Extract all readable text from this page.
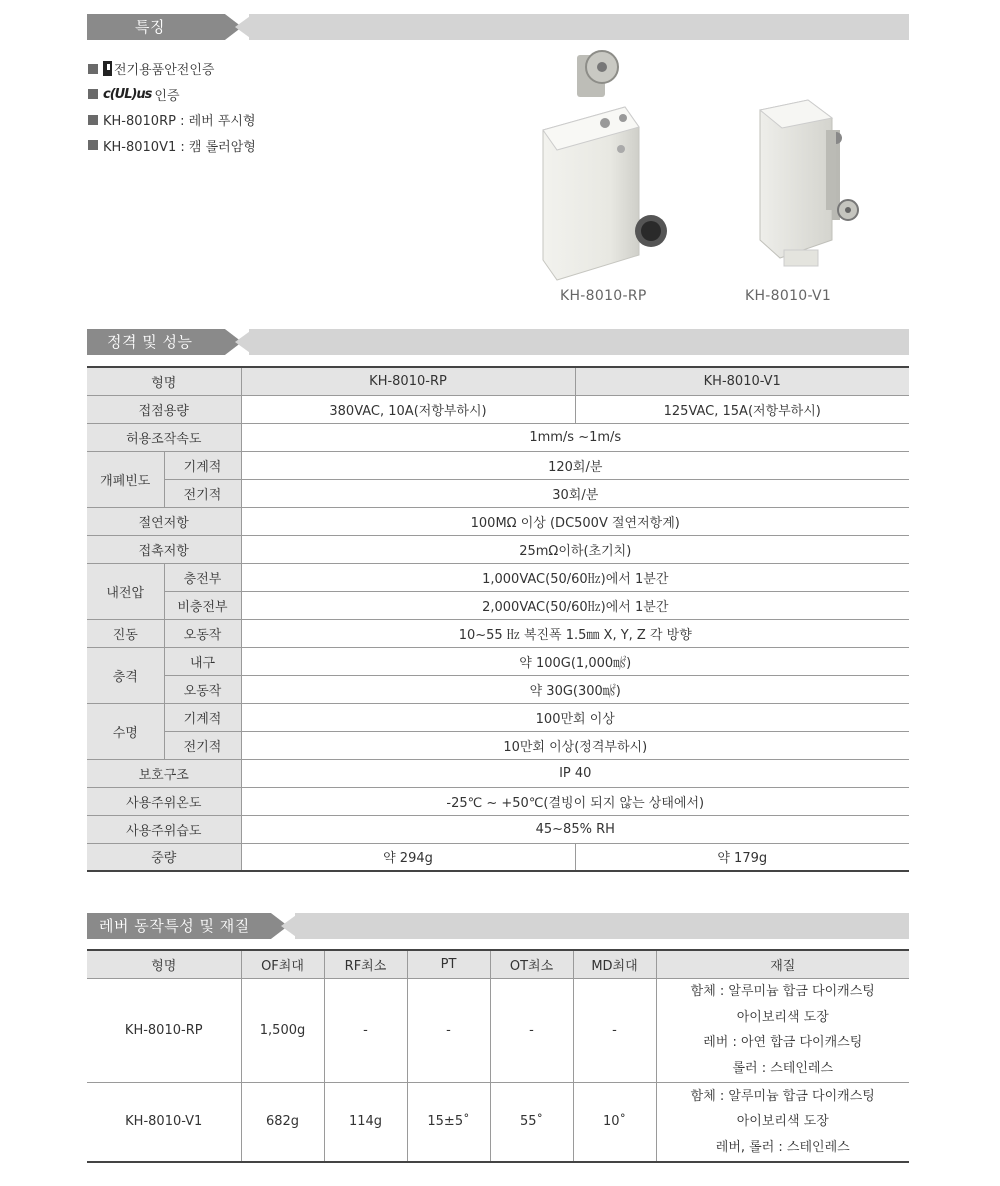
특징
전기용품안전인증
c(UL)us 인증
KH-8010RP : 레버 푸시형
KH-8010V1 : 캠 롤러암형
KH-8010-RP	KH-8010-V1
정격 및 성능
형명		KH-8010-RP	KH-8010-V1
접점용량		380VAC, 10A(저항부하시)	125VAC, 15A(저항부하시)
허용조작속도		1mm/s ~1m/s	
개폐빈도	기계적	120회/분	
	전기적	30회/분	
절연저항		100MΩ 이상 (DC500V 절연저항계)	
접촉저항		25mΩ이하(초기치)	
내전압	충전부	1,000VAC(50/60㎐)에서 1분간	
	비충전부	2,000VAC(50/60㎐)에서 1분간	
진동	오동작	10~55 ㎐ 복진폭 1.5㎜ X, Y, Z 각 방향	
충격	내구	약 100G(1,000㎨)	
	오동작	약 30G(300㎨)	
수명	기계적	100만회 이상	
	전기적	10만회 이상(정격부하시)	
보호구조		IP 40	
사용주위온도		-25℃ ~ +50℃(결빙이 되지 않는 상태에서)	
사용주위습도		45~85% RH	
중량		약 294g	약 179g
레버 동작특성 및 재질
형명	OF최대	RF최소	PT	OT최소	MD최대	재질
KH-8010-RP	1,500g	-	-	-	-	함체 : 알루미늄 합금 다이캐스팅
아이보리색 도장
레버 : 아연 합금 다이캐스팅
롤러 : 스테인레스

KH-8010-V1	682g	114g	15±5˚	55˚	10˚	함체 : 알루미늄 합금 다이캐스팅
아이보리색 도장
레버, 롤러 : 스테인레스
